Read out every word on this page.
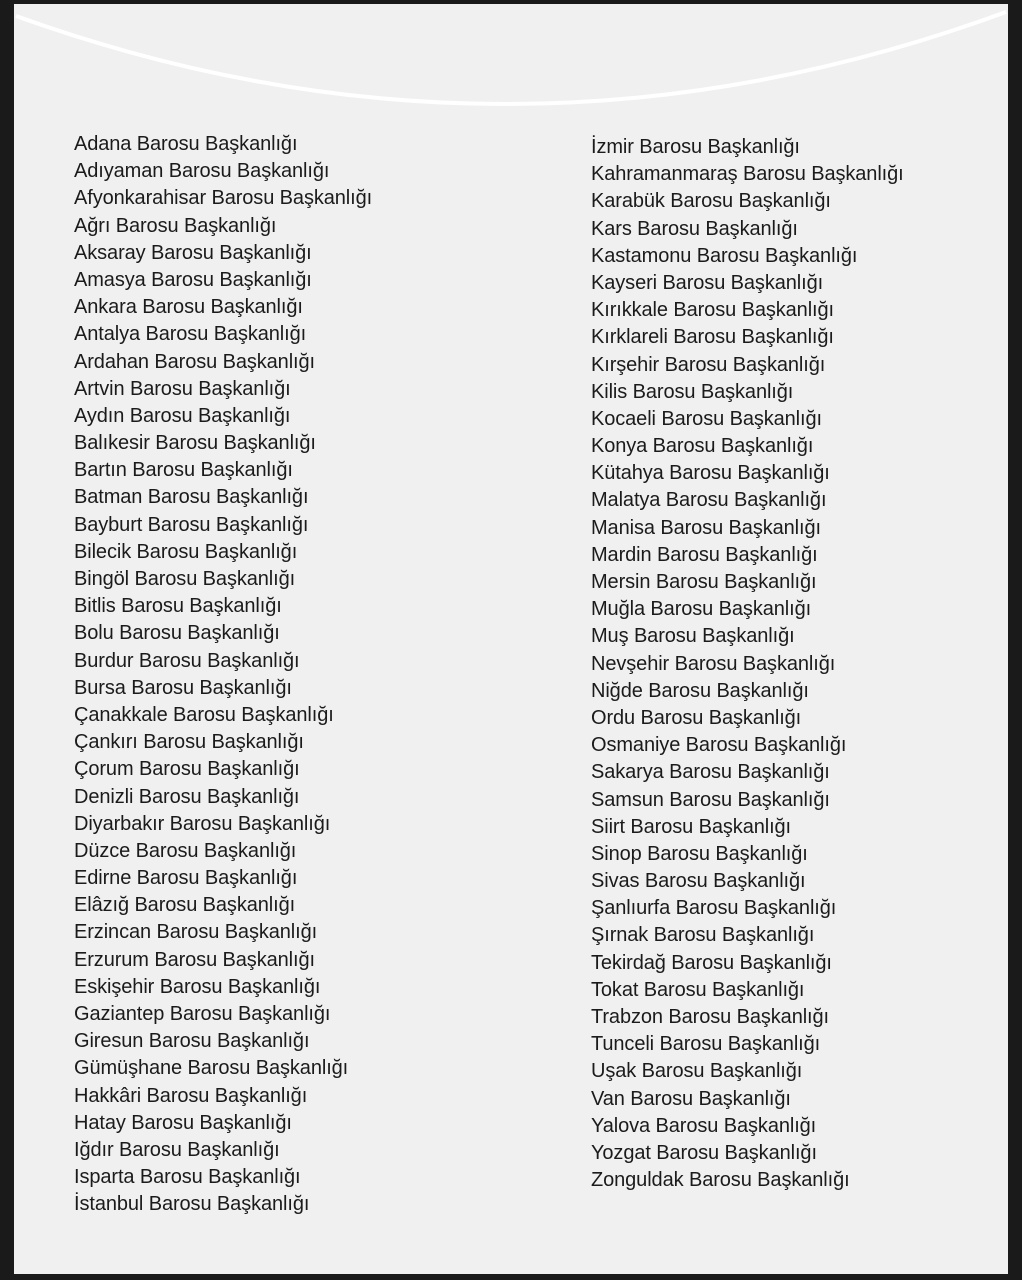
Adana Barosu Başkanlığı
Adıyaman Barosu Başkanlığı
Afyonkarahisar Barosu Başkanlığı
Ağrı Barosu Başkanlığı
Aksaray Barosu Başkanlığı
Amasya Barosu Başkanlığı
Ankara Barosu Başkanlığı
Antalya Barosu Başkanlığı
Ardahan Barosu Başkanlığı
Artvin Barosu Başkanlığı
Aydın Barosu Başkanlığı
Balıkesir Barosu Başkanlığı
Bartın Barosu Başkanlığı
Batman Barosu Başkanlığı
Bayburt Barosu Başkanlığı
Bilecik Barosu Başkanlığı
Bingöl Barosu Başkanlığı
Bitlis Barosu Başkanlığı
Bolu Barosu Başkanlığı
Burdur Barosu Başkanlığı
Bursa Barosu Başkanlığı
Çanakkale Barosu Başkanlığı
Çankırı Barosu Başkanlığı
Çorum Barosu Başkanlığı
Denizli Barosu Başkanlığı
Diyarbakır Barosu Başkanlığı
Düzce Barosu Başkanlığı
Edirne Barosu Başkanlığı
Elâzığ Barosu Başkanlığı
Erzincan Barosu Başkanlığı
Erzurum Barosu Başkanlığı
Eskişehir Barosu Başkanlığı
Gaziantep Barosu Başkanlığı
Giresun Barosu Başkanlığı
Gümüşhane Barosu Başkanlığı
Hakkâri Barosu Başkanlığı
Hatay Barosu Başkanlığı
Iğdır Barosu Başkanlığı
Isparta Barosu Başkanlığı
İstanbul Barosu Başkanlığı
İzmir Barosu Başkanlığı
Kahramanmaraş Barosu Başkanlığı
Karabük Barosu Başkanlığı
Kars Barosu Başkanlığı
Kastamonu Barosu Başkanlığı
Kayseri Barosu Başkanlığı
Kırıkkale Barosu Başkanlığı
Kırklareli Barosu Başkanlığı
Kırşehir Barosu Başkanlığı
Kilis Barosu Başkanlığı
Kocaeli Barosu Başkanlığı
Konya Barosu Başkanlığı
Kütahya Barosu Başkanlığı
Malatya Barosu Başkanlığı
Manisa Barosu Başkanlığı
Mardin Barosu Başkanlığı
Mersin Barosu Başkanlığı
Muğla Barosu Başkanlığı
Muş Barosu Başkanlığı
Nevşehir Barosu Başkanlığı
Niğde Barosu Başkanlığı
Ordu Barosu Başkanlığı
Osmaniye Barosu Başkanlığı
Sakarya Barosu Başkanlığı
Samsun Barosu Başkanlığı
Siirt Barosu Başkanlığı
Sinop Barosu Başkanlığı
Sivas Barosu Başkanlığı
Şanlıurfa Barosu Başkanlığı
Şırnak Barosu Başkanlığı
Tekirdağ Barosu Başkanlığı
Tokat Barosu Başkanlığı
Trabzon Barosu Başkanlığı
Tunceli Barosu Başkanlığı
Uşak Barosu Başkanlığı
Van Barosu Başkanlığı
Yalova Barosu Başkanlığı
Yozgat Barosu Başkanlığı
Zonguldak Barosu Başkanlığı
